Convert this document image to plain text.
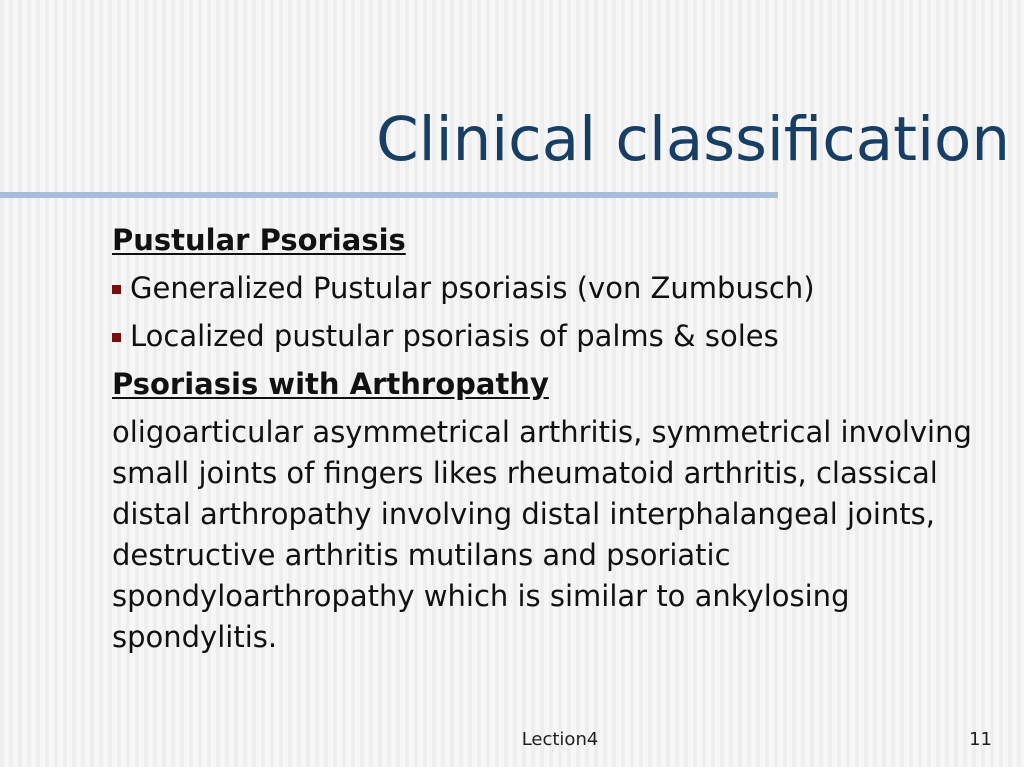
Clinical classification
Pustular Psoriasis
Generalized Pustular psoriasis (von Zumbusch)
Localized pustular psoriasis of palms & soles
Psoriasis with Arthropathy

oligoarticular asymmetrical arthritis, symmetrical involving small joints of fingers likes rheumatoid arthritis, classical distal arthropathy involving distal interphalangeal joints, destructive arthritis mutilans and psoriatic spondyloarthropathy which is similar to ankylosing spondylitis.

Lection4	11
